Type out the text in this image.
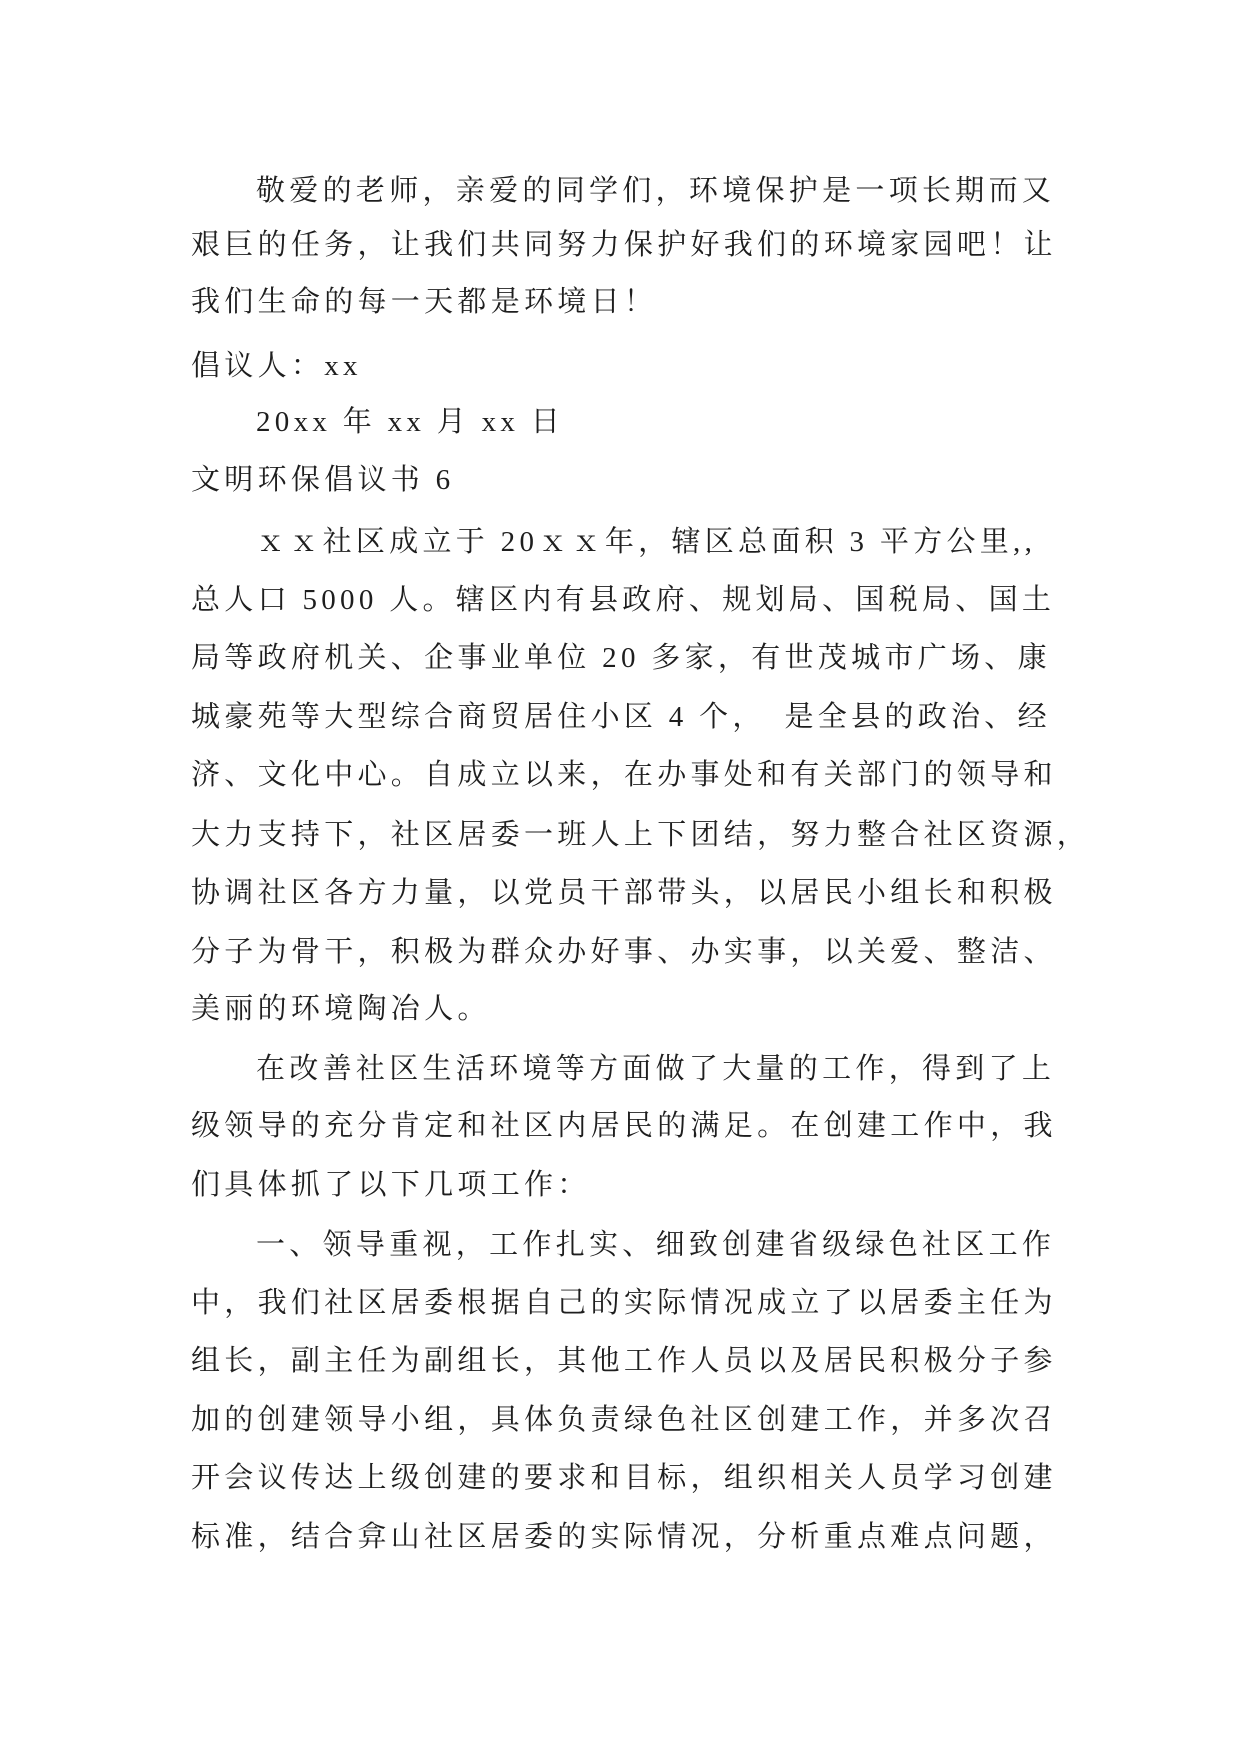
敬爱的老师，亲爱的同学们，环境保护是一项长期而又
艰巨的任务，让我们共同努力保护好我们的环境家园吧！让
我们生命的每一天都是环境日！
倡议人：xx
20xx 年 xx 月 xx 日
文明环保倡议书 6
ｘｘ社区成立于 20ｘｘ年，辖区总面积 3 平方公里,,
总人口 5000 人。辖区内有县政府、规划局、国税局、国土
局等政府机关、企事业单位 20 多家，有世茂城市广场、康
城豪苑等大型综合商贸居住小区 4 个，　是全县的政治、经
济、文化中心。自成立以来，在办事处和有关部门的领导和
大力支持下，社区居委一班人上下团结，努力整合社区资源，
协调社区各方力量，以党员干部带头，以居民小组长和积极
分子为骨干，积极为群众办好事、办实事，以关爱、整洁、
美丽的环境陶冶人。
在改善社区生活环境等方面做了大量的工作，得到了上
级领导的充分肯定和社区内居民的满足。在创建工作中，我
们具体抓了以下几项工作：
一、领导重视，工作扎实、细致创建省级绿色社区工作
中，我们社区居委根据自己的实际情况成立了以居委主任为
组长，副主任为副组长，其他工作人员以及居民积极分子参
加的创建领导小组，具体负责绿色社区创建工作，并多次召
开会议传达上级创建的要求和目标，组织相关人员学习创建
标准，结合弇山社区居委的实际情况，分析重点难点问题，
